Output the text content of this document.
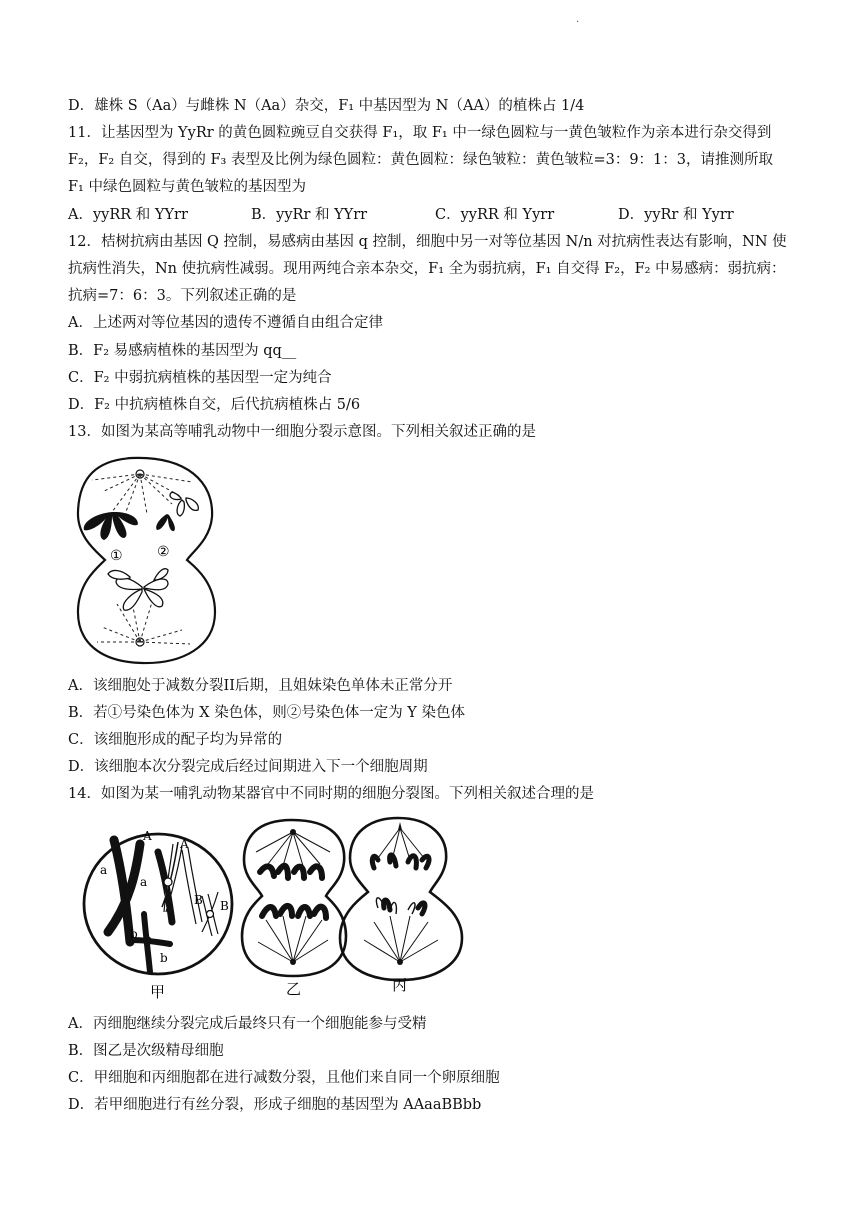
.
D．雄株 S（Aa）与雌株 N（Aa）杂交，F₁ 中基因型为 N（AA）的植株占 1/4
11．让基因型为 YyRr 的黄色圆粒豌豆自交获得 F₁，取 F₁ 中一绿色圆粒与一黄色皱粒作为亲本进行杂交得到
F₂，F₂ 自交，得到的 F₃ 表型及比例为绿色圆粒：黄色圆粒：绿色皱粒：黄色皱粒=3：9：1：3，请推测所取
F₁ 中绿色圆粒与黄色皱粒的基因型为
A．yyRR 和 YYrr	B．yyRr 和 YYrr	C．yyRR 和 Yyrr	D．yyRr 和 Yyrr
12．桔树抗病由基因 Q 控制，易感病由基因 q 控制，细胞中另一对等位基因 N/n 对抗病性表达有影响，NN 使
抗病性消失，Nn 使抗病性减弱。现用两纯合亲本杂交，F₁ 全为弱抗病，F₁ 自交得 F₂，F₂ 中易感病：弱抗病：
抗病=7：6：3。下列叙述正确的是
A．上述两对等位基因的遗传不遵循自由组合定律
B．F₂ 易感病植株的基因型为 qq__
C．F₂ 中弱抗病植株的基因型一定为纯合
D．F₂ 中抗病植株自交，后代抗病植株占 5/6
13．如图为某高等哺乳动物中一细胞分裂示意图。下列相关叙述正确的是
① ②
A．该细胞处于减数分裂II后期，且姐妹染色单体未正常分开
B．若①号染色体为 X 染色体，则②号染色体一定为 Y 染色体
C．该细胞形成的配子均为异常的
D．该细胞本次分裂完成后经过间期进入下一个细胞周期
14．如图为某一哺乳动物某器官中不同时期的细胞分裂图。下列相关叙述合理的是
a
A
a
A
b
b
B B
甲	乙	丙
A．丙细胞继续分裂完成后最终只有一个细胞能参与受精
B．图乙是次级精母细胞
C．甲细胞和丙细胞都在进行减数分裂，且他们来自同一个卵原细胞
D．若甲细胞进行有丝分裂，形成子细胞的基因型为 AAaaBBbb
